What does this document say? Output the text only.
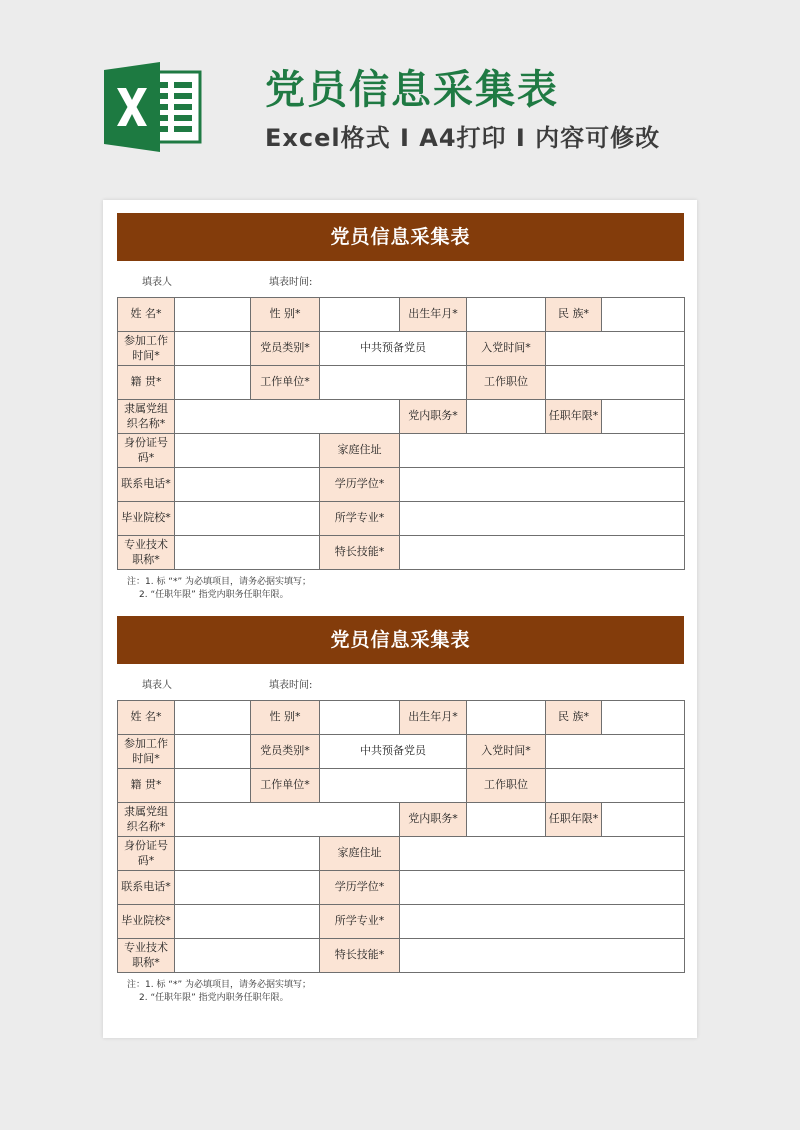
党员信息采集表
Excel格式 I A4打印 I 内容可修改
党员信息采集表
填表人	填表时间:
姓 名*		性 别*		出生年月*		民 族*	
参加工作时间*		党员类别*	中共预备党员		入党时间*		
籍 贯*		工作单位*			工作职位		
隶属党组织名称*				党内职务*		任职年限*	
身份证号码*			家庭住址				
联系电话*			学历学位*				
毕业院校*			所学专业*				
专业技术职称*			特长技能*				
注：1. 标 “*” 为必填项目，请务必据实填写；
2. “任职年限” 指党内职务任职年限。
党员信息采集表
填表人	填表时间:
姓 名*		性 别*		出生年月*		民 族*	
参加工作时间*		党员类别*	中共预备党员		入党时间*		
籍 贯*		工作单位*			工作职位		
隶属党组织名称*				党内职务*		任职年限*	
身份证号码*			家庭住址				
联系电话*			学历学位*				
毕业院校*			所学专业*				
专业技术职称*			特长技能*				
注：1. 标 “*” 为必填项目，请务必据实填写；
2. “任职年限” 指党内职务任职年限。
